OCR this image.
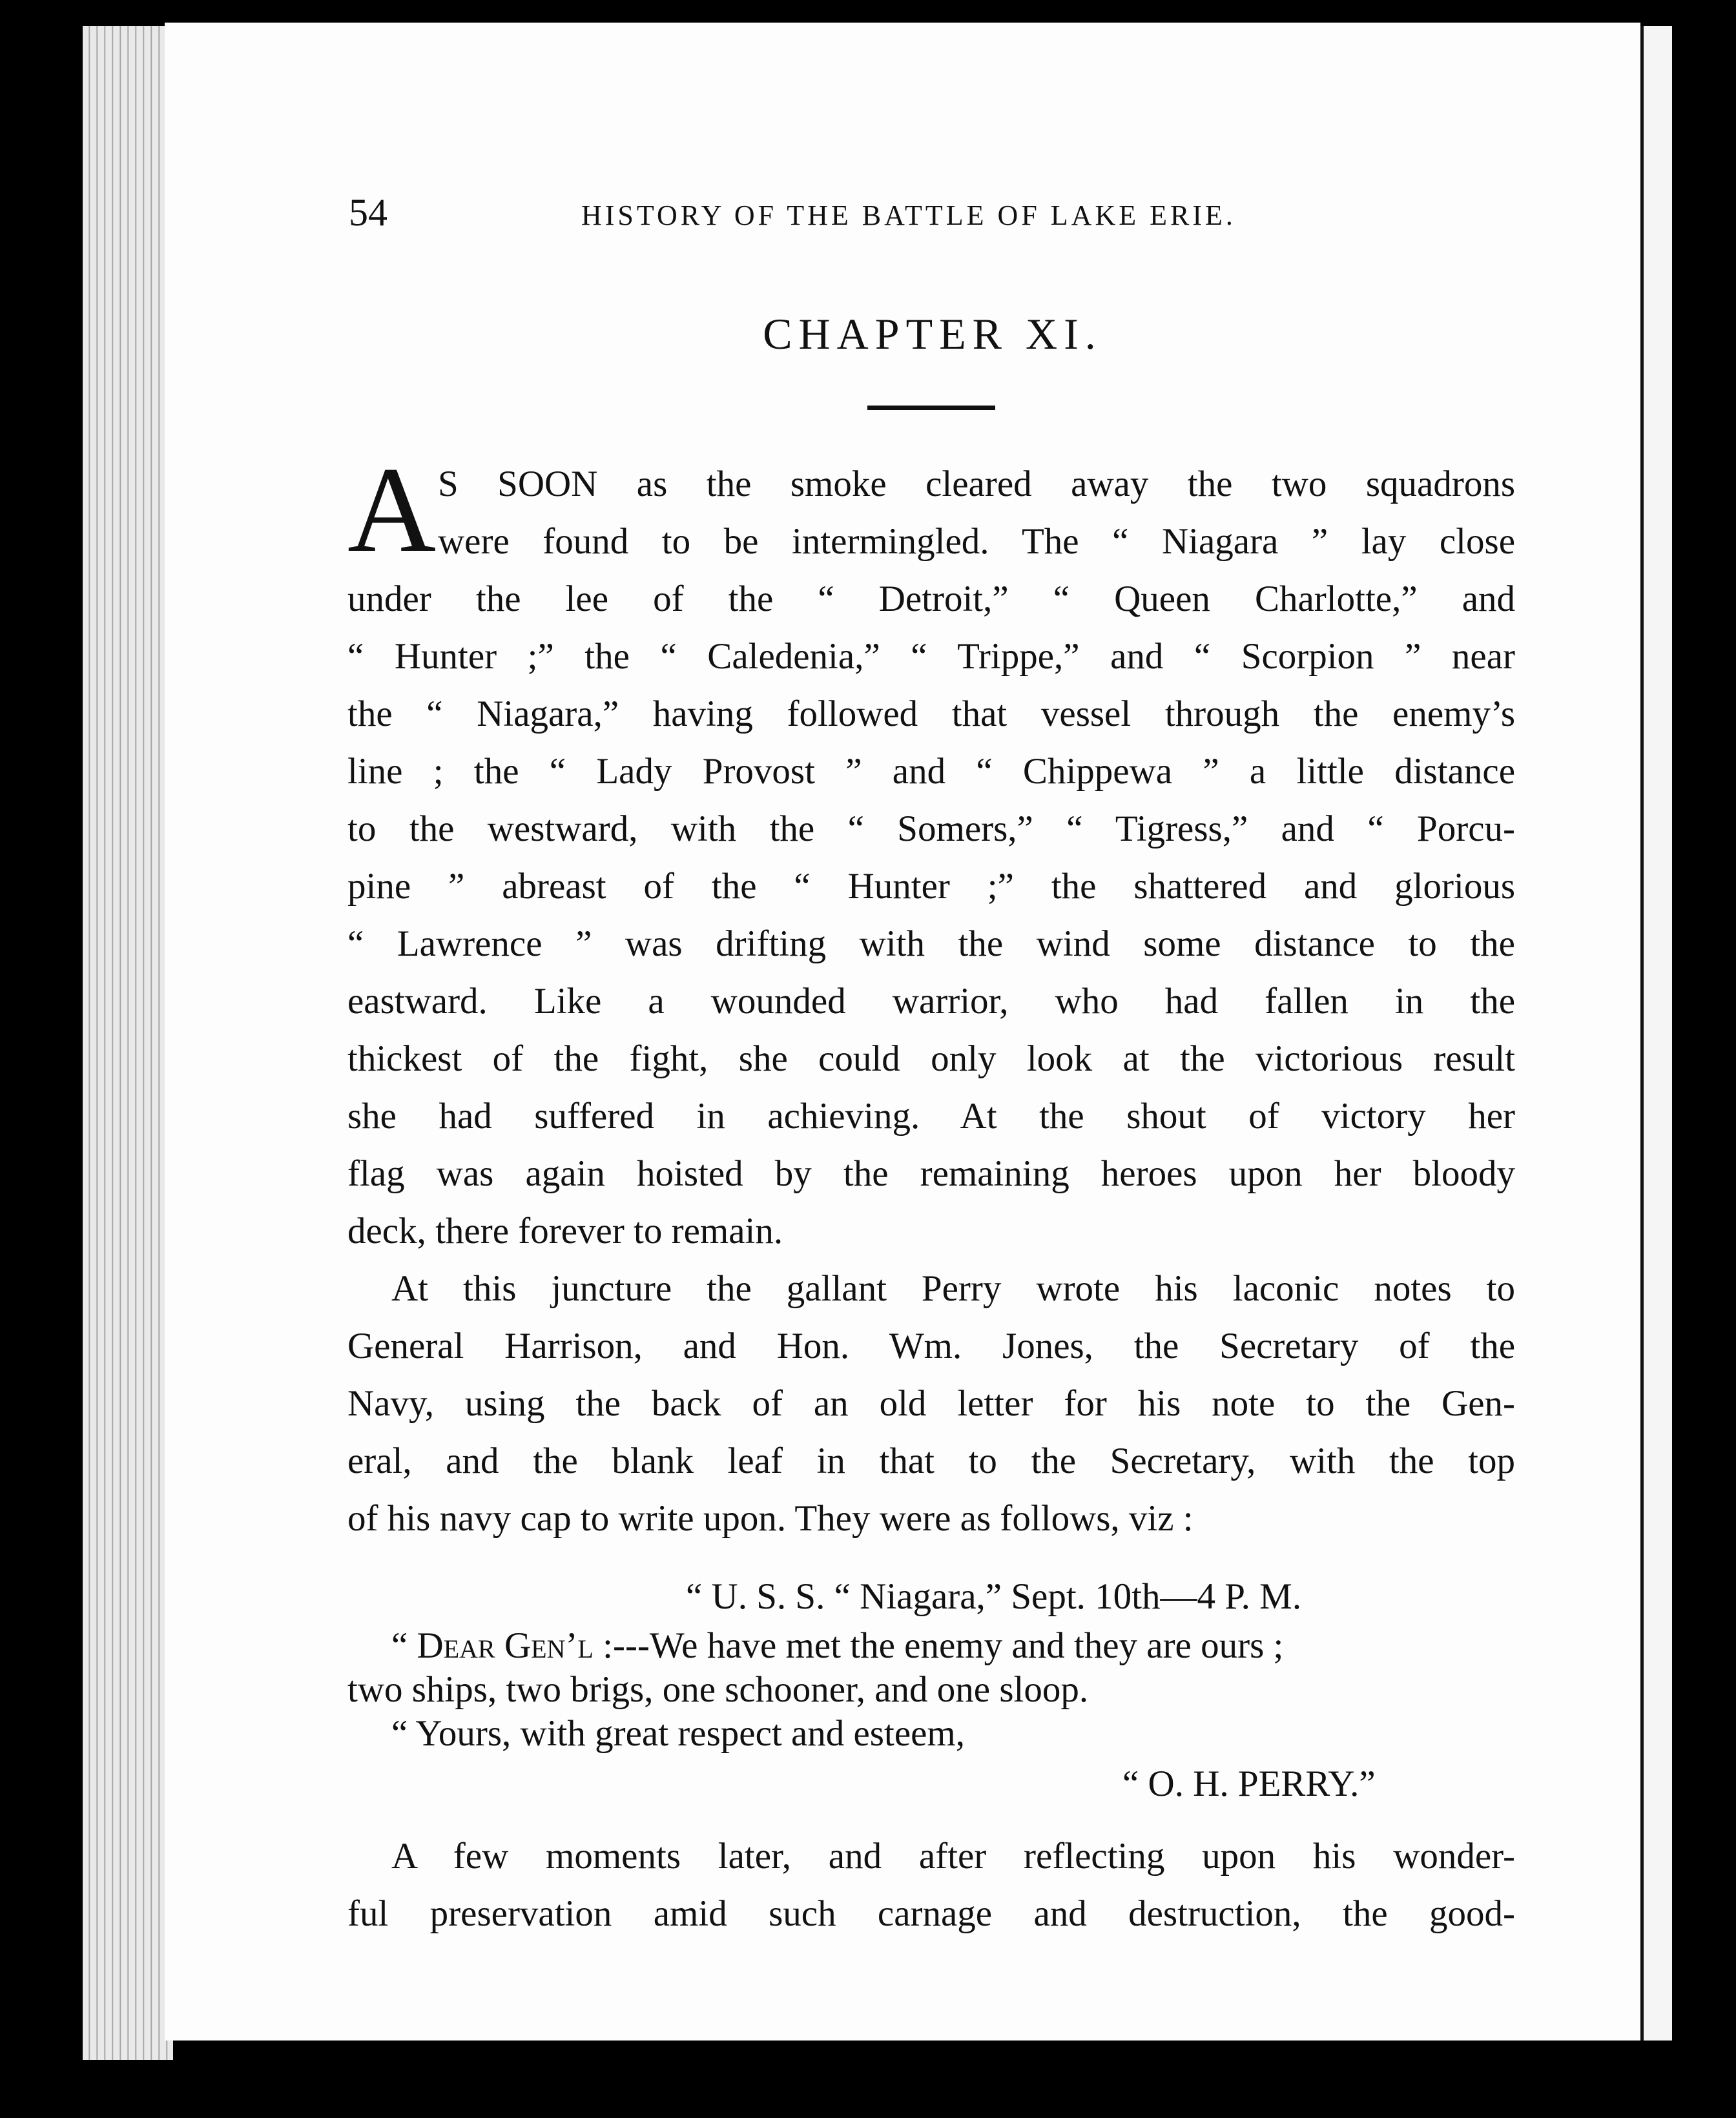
54	HISTORY OF THE BATTLE OF LAKE ERIE.
CHAPTER XI.
A S SOON as the smoke cleared away the two squadrons
were found to be intermingled. The “ Niagara ” lay close
under the lee of the “ Detroit,” “ Queen Charlotte,” and
“ Hunter ;” the “ Caledenia,” “ Trippe,” and “ Scorpion ” near
the “ Niagara,” having followed that vessel through the enemy’s
line ; the “ Lady Provost ” and “ Chippewa ” a little distance
to the westward, with the “ Somers,” “ Tigress,” and “ Porcu-
pine ” abreast of the “ Hunter ;” the shattered and glorious
“ Lawrence ” was drifting with the wind some distance to the
eastward. Like a wounded warrior, who had fallen in the
thickest of the fight, she could only look at the victorious result
she had suffered in achieving. At the shout of victory her
flag was again hoisted by the remaining heroes upon her bloody
deck, there forever to remain.
At this juncture the gallant Perry wrote his laconic notes to
General Harrison, and Hon. Wm. Jones, the Secretary of the
Navy, using the back of an old letter for his note to the Gen-
eral, and the blank leaf in that to the Secretary, with the top
of his navy cap to write upon. They were as follows, viz :
“ U. S. S. “ Niagara,” Sept. 10th—4 P. M.
“ Dear Gen’l :---We have met the enemy and they are ours ;
two ships, two brigs, one schooner, and one sloop.
“ Yours, with great respect and esteem,
“ O. H. PERRY.”
A few moments later, and after reflecting upon his wonder-
ful preservation amid such carnage and destruction, the good-
